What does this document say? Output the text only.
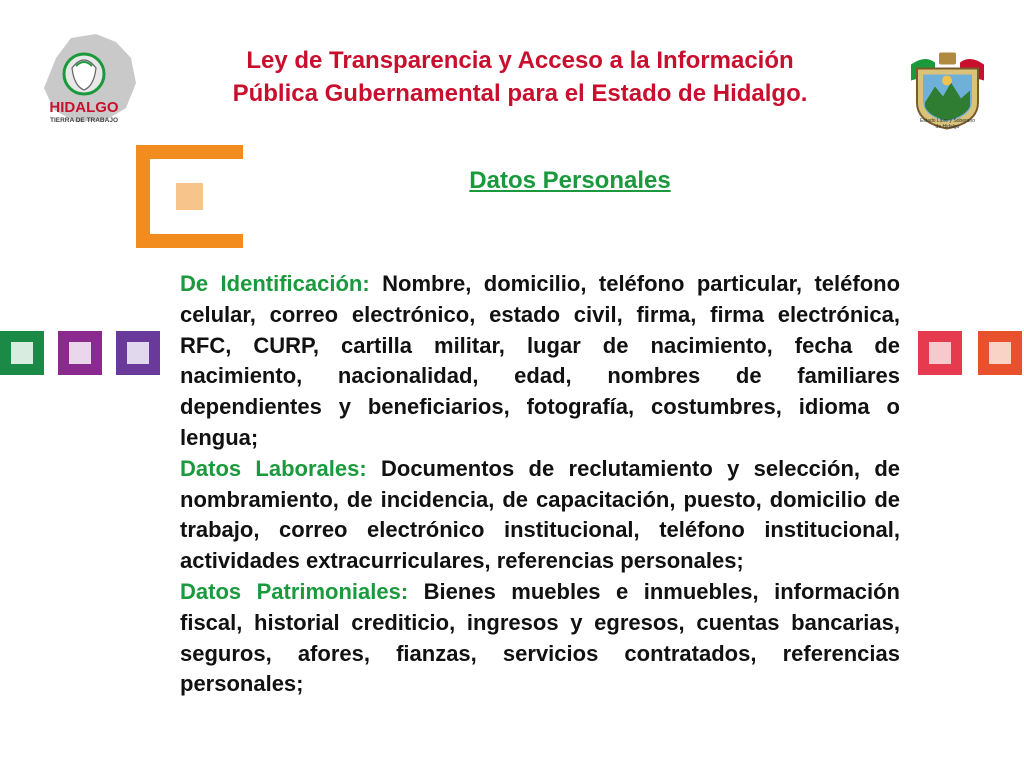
HIDALGO
TIERRA DE TRABAJO
Ley de Transparencia y Acceso a la Información
Pública Gubernamental para el Estado de Hidalgo.
Estado Libre y Soberano
de Hidalgo
Datos Personales
De Identificación: Nombre, domicilio, teléfono particular, teléfono celular, correo electrónico, estado civil, firma, firma electrónica, RFC, CURP, cartilla militar, lugar de nacimiento, fecha de nacimiento, nacionalidad, edad, nombres de familiares dependientes y beneficiarios, fotografía, costumbres, idioma o lengua;
Datos Laborales: Documentos de reclutamiento y selección, de nombramiento, de incidencia, de capacitación, puesto, domicilio de trabajo, correo electrónico institucional, teléfono institucional, actividades extracurriculares, referencias personales;
Datos Patrimoniales: Bienes muebles e inmuebles, información fiscal, historial crediticio, ingresos y egresos, cuentas bancarias, seguros, afores, fianzas, servicios contratados, referencias personales;
